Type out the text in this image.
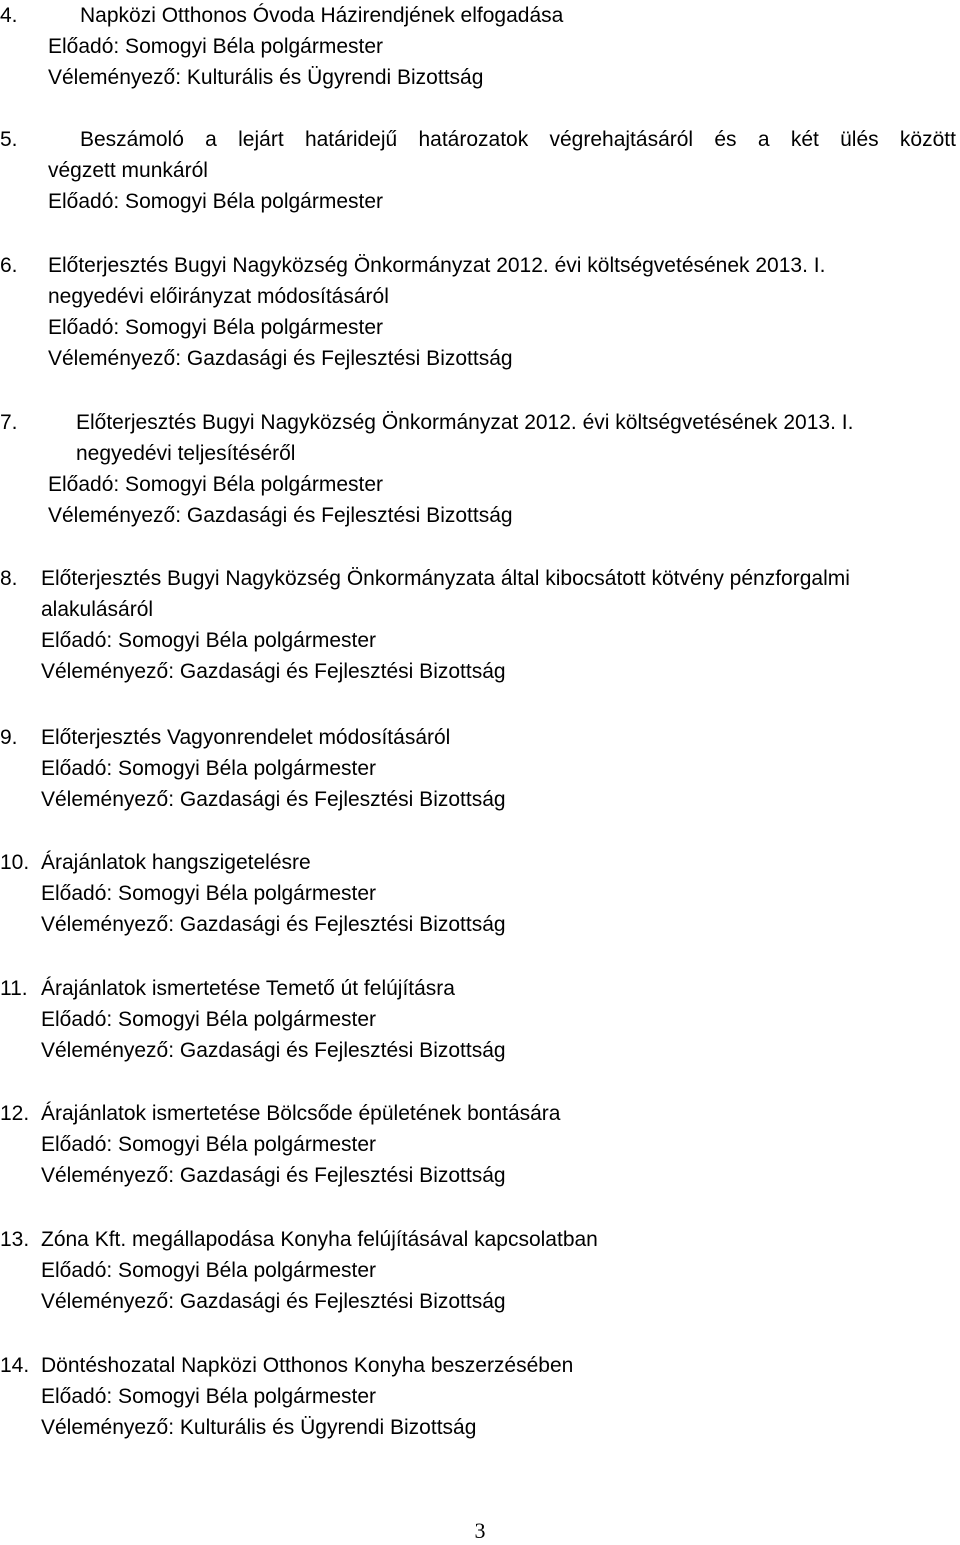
4.	Napközi Otthonos Óvoda Házirendjének elfogadása
Előadó: Somogyi Béla polgármester
Véleményező: Kulturális és Ügyrendi Bizottság
5.	Beszámoló a lejárt határidejű határozatok végrehajtásáról és a két ülés között
végzett munkáról
Előadó: Somogyi Béla polgármester
6. Előterjesztés Bugyi Nagyközség Önkormányzat 2012. évi költségvetésének 2013. I.
negyedévi előirányzat módosításáról
Előadó: Somogyi Béla polgármester
Véleményező: Gazdasági és Fejlesztési Bizottság
7.	Előterjesztés Bugyi Nagyközség Önkormányzat 2012. évi költségvetésének 2013. I.
negyedévi teljesítéséről
Előadó: Somogyi Béla polgármester
Véleményező: Gazdasági és Fejlesztési Bizottság
8. Előterjesztés Bugyi Nagyközség Önkormányzata által kibocsátott kötvény pénzforgalmi
alakulásáról
Előadó: Somogyi Béla polgármester
Véleményező: Gazdasági és Fejlesztési Bizottság
9. Előterjesztés Vagyonrendelet módosításáról
Előadó: Somogyi Béla polgármester
Véleményező: Gazdasági és Fejlesztési Bizottság
10. Árajánlatok hangszigetelésre
Előadó: Somogyi Béla polgármester
Véleményező: Gazdasági és Fejlesztési Bizottság
11. Árajánlatok ismertetése Temető út felújításra
Előadó: Somogyi Béla polgármester
Véleményező: Gazdasági és Fejlesztési Bizottság
12. Árajánlatok ismertetése Bölcsőde épületének bontására
Előadó: Somogyi Béla polgármester
Véleményező: Gazdasági és Fejlesztési Bizottság
13. Zóna Kft. megállapodása Konyha felújításával kapcsolatban
Előadó: Somogyi Béla polgármester
Véleményező: Gazdasági és Fejlesztési Bizottság
14. Döntéshozatal Napközi Otthonos Konyha beszerzésében
Előadó: Somogyi Béla polgármester
Véleményező: Kulturális és Ügyrendi Bizottság
3
